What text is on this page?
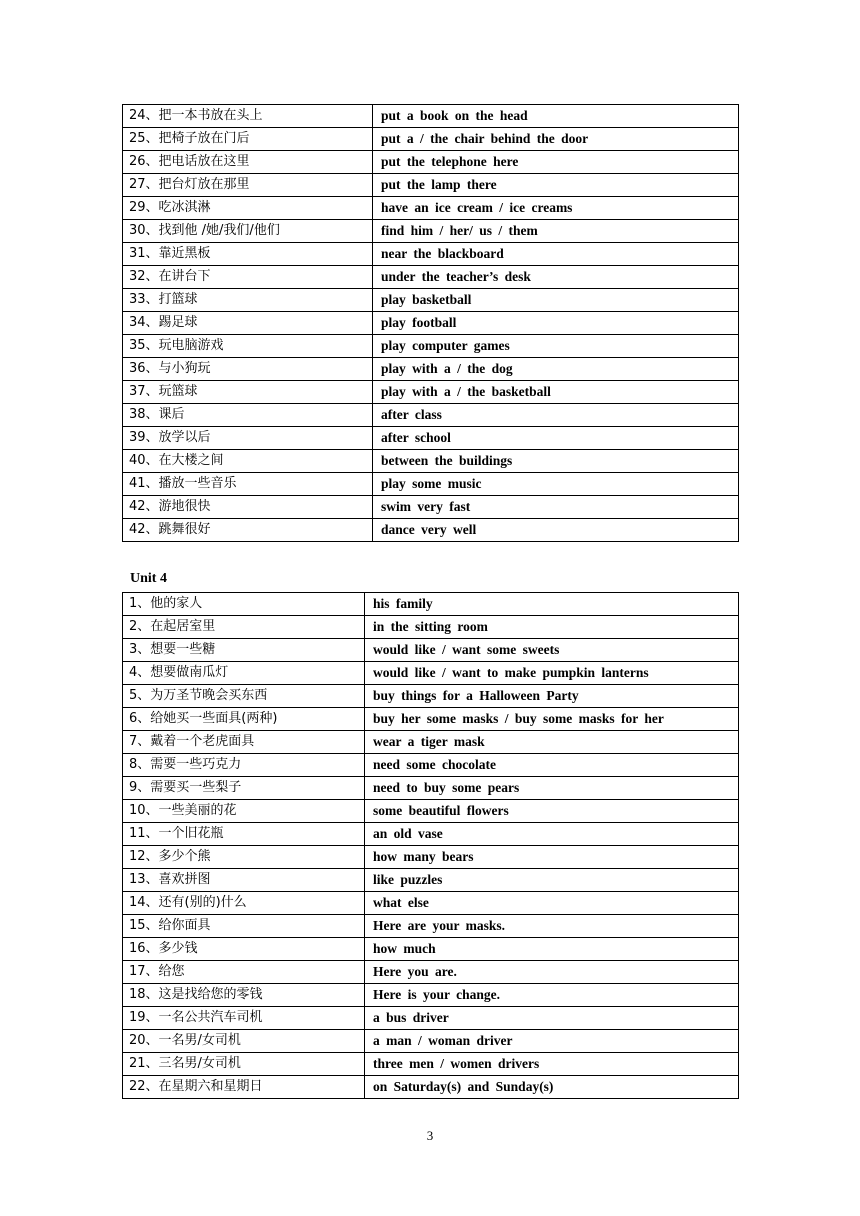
24、把一本书放在头上	put a book on the head
25、把椅子放在门后	put a / the chair behind the door
26、把电话放在这里	put the telephone here
27、把台灯放在那里	put the lamp there
29、吃冰淇淋	have an ice cream / ice creams
30、找到他 /她/我们/他们	find him / her/ us / them
31、靠近黑板	near the blackboard
32、在讲台下	under the teacher’s desk
33、打篮球	play basketball
34、踢足球	play football
35、玩电脑游戏	play computer games
36、与小狗玩	play with a / the dog
37、玩篮球	play with a / the basketball
38、课后	after class
39、放学以后	after school
40、在大楼之间	between the buildings
41、播放一些音乐	play some music
42、游地很快	swim very fast
42、跳舞很好	dance very well
Unit 4
1、他的家人	his family
2、在起居室里	in the sitting room
3、想要一些糖	would like / want some sweets
4、想要做南瓜灯	would like / want to make pumpkin lanterns
5、为万圣节晚会买东西	buy things for a Halloween Party
6、给她买一些面具(两种)	buy her some masks / buy some masks for her
7、戴着一个老虎面具	wear a tiger mask
8、需要一些巧克力	need some chocolate
9、需要买一些梨子	need to buy some pears
10、一些美丽的花	some beautiful flowers
11、一个旧花瓶	an old vase
12、多少个熊	how many bears
13、喜欢拼图	like puzzles
14、还有(别的)什么	what else
15、给你面具	Here are your masks.
16、多少钱	how much
17、给您	Here you are.
18、这是找给您的零钱	Here is your change.
19、一名公共汽车司机	a bus driver
20、一名男/女司机	a man / woman driver
21、三名男/女司机	three men / women drivers
22、在星期六和星期日	on Saturday(s) and Sunday(s)
3
